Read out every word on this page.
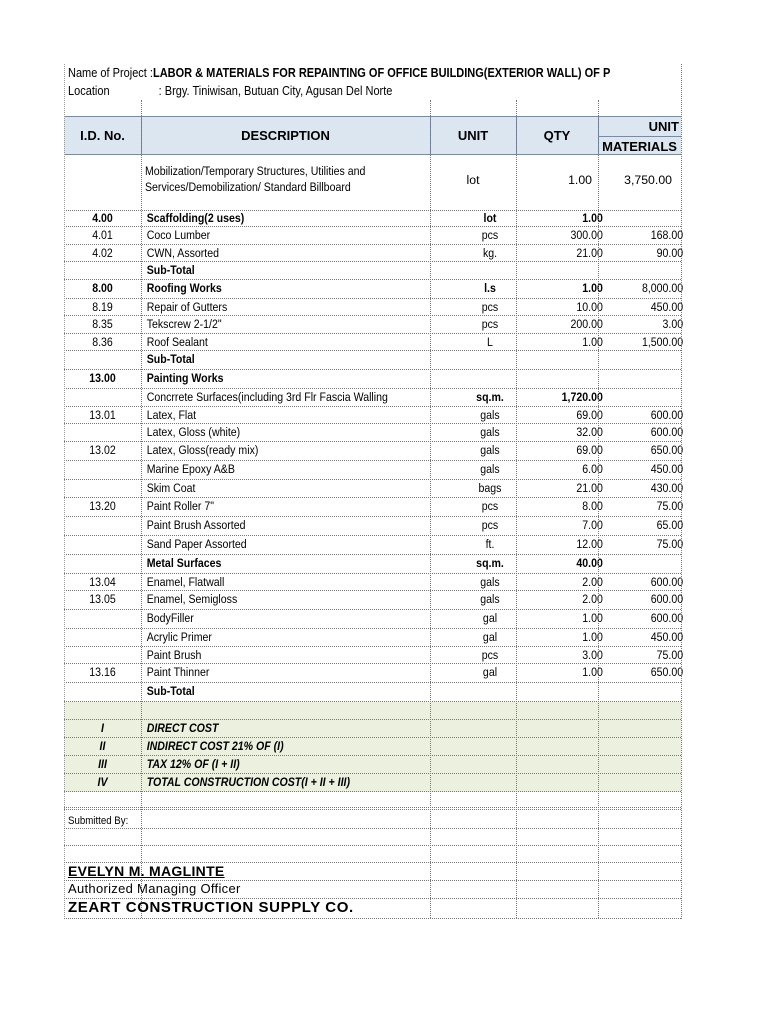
Name of Project :LABOR & MATERIALS FOR REPAINTING OF OFFICE BUILDING(EXTERIOR WALL) OF P
Location	: Brgy. Tiniwisan, Butuan City, Agusan Del Norte
I.D. No.	DESCRIPTION	UNIT	QTY
UNIT
MATERIALS
Mobilization/Temporary Structures, Utilities and
Services/Demobilization/ Standard Billboard	lot	1.00	3,750.00
4.00	Scaffolding(2 uses)	lot	1.00
4.01	Coco Lumber	pcs	300.00	168.00
4.02	CWN, Assorted	kg.	21.00	90.00
Sub-Total
8.00	Roofing Works	l.s	1.00	8,000.00
8.19	Repair of Gutters	pcs	10.00	450.00
8.35	Tekscrew 2-1/2"	pcs	200.00	3.00
8.36	Roof Sealant	L	1.00	1,500.00
Sub-Total
13.00	Painting Works
Concrrete Surfaces(including 3rd Flr Fascia Walling	sq.m.	1,720.00
13.01	Latex, Flat	gals	69.00	600.00
Latex, Gloss (white)	gals	32.00	600.00
13.02	Latex, Gloss(ready mix)	gals	69.00	650.00
Marine Epoxy A&B	gals	6.00	450.00
Skim Coat	bags	21.00	430.00
13.20	Paint Roller 7"	pcs	8.00	75.00
Paint Brush Assorted	pcs	7.00	65.00
Sand Paper Assorted	ft.	12.00	75.00
Metal Surfaces	sq.m.	40.00
13.04	Enamel, Flatwall	gals	2.00	600.00
13.05	Enamel, Semigloss	gals	2.00	600.00
BodyFiller	gal	1.00	600.00
Acrylic Primer	gal	1.00	450.00
Paint Brush	pcs	3.00	75.00
13.16	Paint Thinner	gal	1.00	650.00
Sub-Total
I	DIRECT COST
II	INDIRECT COST 21% OF (I)
III	TAX 12% OF (I + II)
IV	TOTAL CONSTRUCTION COST(I + II + III)
Submitted By:
EVELYN M. MAGLINTE
Authorized Managing Officer
ZEART CONSTRUCTION SUPPLY CO.
